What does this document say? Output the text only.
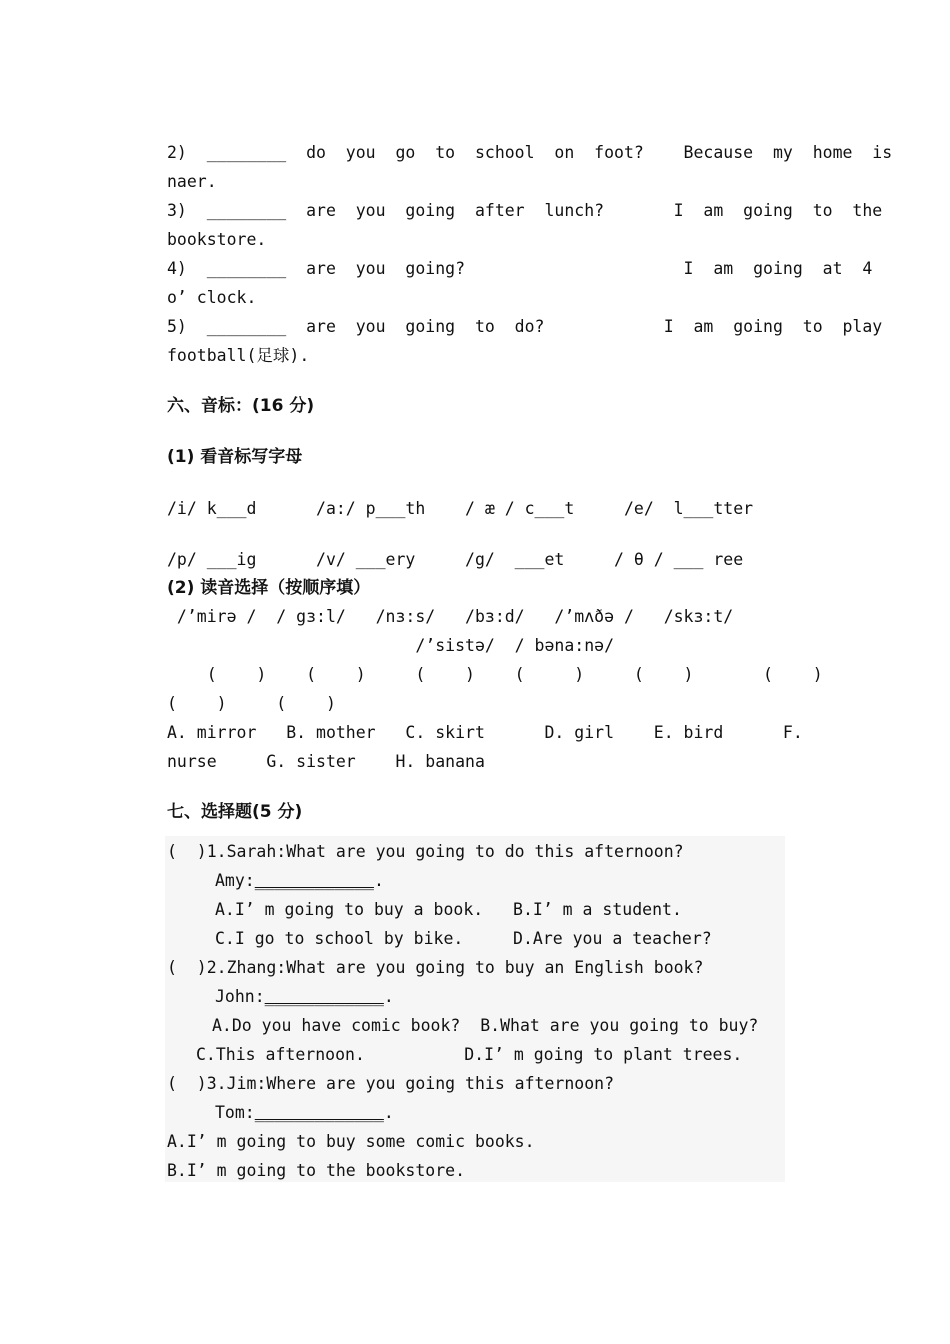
2)  ________  do  you  go  to  school  on  foot?    Because  my  home  is
naer.
3)  ________  are  you  going  after  lunch?       I  am  going  to  the
bookstore.
4)  ________  are  you  going?                      I  am  going  at  4
o’ clock.
5)  ________  are  you  going  to  do?            I  am  going  to  play
football(足球).
六、音标：(16 分)
(1) 看音标写字母
/i/ k___d      /a:/ p___th    / æ / c___t     /e/  l___tter
/p/ ___ig      /v/ ___ery     /g/  ___et     / θ / ___ ree
(2) 读音选择（按顺序填）
/’mirə /  / gɜ:l/   /nɜ:s/   /bɜ:d/   /’mʌðə /   /skɜ:t/
/’sistə/  / bəna:nə/
(    )    (    )     (    )    (     )     (    )       (    )
(    )     (    )
A. mirror   B. mother   C. skirt      D. girl    E. bird      F.
nurse     G. sister    H. banana
七、选择题(5 分)
(  )1.Sarah:What are you going to do this afternoon?
Amy:____________.
A.I’ m going to buy a book.   B.I’ m a student.
C.I go to school by bike.     D.Are you a teacher?
(  )2.Zhang:What are you going to buy an English book?
John:____________.
A.Do you have comic book?  B.What are you going to buy?
C.This afternoon.          D.I’ m going to plant trees.
(  )3.Jim:Where are you going this afternoon?
Tom:_____________.
A.I’ m going to buy some comic books.
B.I’ m going to the bookstore.
